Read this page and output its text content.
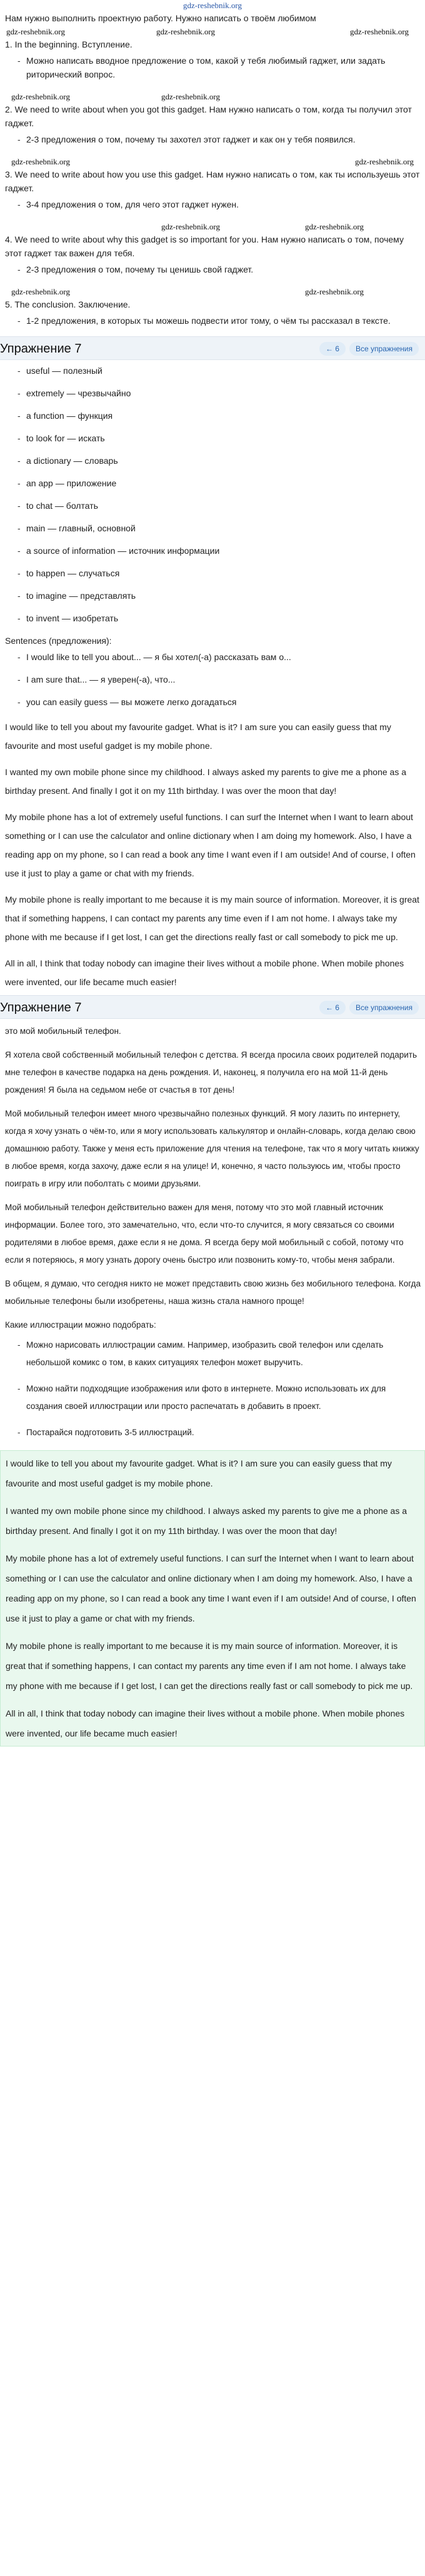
gdz-reshebnik.org

Нам нужно выполнить проектную работу. Нужно написать о твоём любимом

gdz-reshebnik.org	gdz-reshebnik.org	gdz-reshebnik.org
1. In the beginning. Вступление.
- Можно написать вводное предложение о том, какой у тебя любимый гаджет, или задать риторический вопрос.
gdz-reshebnik.org	gdz-reshebnik.org
2. We need to write about when you got this gadget. Нам нужно написать о том, когда ты получил этот гаджет.
- 2-3 предложения о том, почему ты захотел этот гаджет и как он у тебя появился.
gdz-reshebnik.org	gdz-reshebnik.org
3. We need to write about how you use this gadget. Нам нужно написать о том, как ты используешь этот гаджет.
- 3-4 предложения о том, для чего этот гаджет нужен.
gdz-reshebnik.org	gdz-reshebnik.org
4. We need to write about why this gadget is so important for you. Нам нужно написать о том, почему этот гаджет так важен для тебя.
- 2-3 предложения о том, почему ты ценишь свой гаджет.
gdz-reshebnik.org	gdz-reshebnik.org
5. The conclusion. Заключение.
- 1-2 предложения, в которых ты можешь подвести итог тому, о чём ты рассказал в тексте.
Упражнение 7	← 6	Все упражнения
- useful — полезный
- extremely — чрезвычайно
- a function — функция
- to look for — искать
- a dictionary — словарь
- an app — приложение
- to chat — болтать
- main — главный, основной
- a source of information — источник информации
- to happen — случаться
- to imagine — представлять
- to invent — изобретать
Sentences (предложения):
- I would like to tell you about... — я бы хотел(-а) рассказать вам о...
- I am sure that... — я уверен(-а), что...
- you can easily guess — вы можете легко догадаться

I would like to tell you about my favourite gadget. What is it? I am sure you can easily guess that my favourite and most useful gadget is my mobile phone.

I wanted my own mobile phone since my childhood. I always asked my parents to give me a phone as a birthday present. And finally I got it on my 11th birthday. I was over the moon that day!

My mobile phone has a lot of extremely useful functions. I can surf the Internet when I want to learn about something or I can use the calculator and online dictionary when I am doing my homework. Also, I have a reading app on my phone, so I can read a book any time I want even if I am outside! And of course, I often use it just to play a game or chat with my friends.

My mobile phone is really important to me because it is my main source of information. Moreover, it is great that if something happens, I can contact my parents any time even if I am not home. I always take my phone with me because if I get lost, I can get the directions really fast or call somebody to pick me up.

All in all, I think that today nobody can imagine their lives without a mobile phone. When mobile phones were invented, our life became much easier!

Упражнение 7	← 6	Все упражнения

это мой мобильный телефон.

Я хотела свой собственный мобильный телефон с детства. Я всегда просила своих родителей подарить мне телефон в качестве подарка на день рождения. И, наконец, я получила его на мой 11-й день рождения! Я была на седьмом небе от счастья в тот день!

Мой мобильный телефон имеет много чрезвычайно полезных функций. Я могу лазить по интернету, когда я хочу узнать о чём-то, или я могу использовать калькулятор и онлайн-словарь, когда делаю свою домашнюю работу. Также у меня есть приложение для чтения на телефоне, так что я могу читать книжку в любое время, когда захочу, даже если я на улице! И, конечно, я часто пользуюсь им, чтобы просто поиграть в игру или поболтать с моими друзьями.

Мой мобильный телефон действительно важен для меня, потому что это мой главный источник информации. Более того, это замечательно, что, если что-то случится, я могу связаться со своими родителями в любое время, даже если я не дома. Я всегда беру мой мобильный с собой, потому что если я потеряюсь, я могу узнать дорогу очень быстро или позвонить кому-то, чтобы меня забрали.

В общем, я думаю, что сегодня никто не может представить свою жизнь без мобильного телефона. Когда мобильные телефоны были изобретены, наша жизнь стала намного проще!

Какие иллюстрации можно подобрать:
- Можно нарисовать иллюстрации самим. Например, изобразить свой телефон или сделать небольшой комикс о том, в каких ситуациях телефон может выручить.
- Можно найти подходящие изображения или фото в интернете. Можно использовать их для создания своей иллюстрации или просто распечатать в добавить в проект.
- Постарайся подготовить 3-5 иллюстраций.

I would like to tell you about my favourite gadget. What is it? I am sure you can easily guess that my favourite and most useful gadget is my mobile phone.

I wanted my own mobile phone since my childhood. I always asked my parents to give me a phone as a birthday present. And finally I got it on my 11th birthday. I was over the moon that day!

My mobile phone has a lot of extremely useful functions. I can surf the Internet when I want to learn about something or I can use the calculator and online dictionary when I am doing my homework. Also, I have a reading app on my phone, so I can read a book any time I want even if I am outside! And of course, I often use it just to play a game or chat with my friends.

My mobile phone is really important to me because it is my main source of information. Moreover, it is great that if something happens, I can contact my parents any time even if I am not home. I always take my phone with me because if I get lost, I can get the directions really fast or call somebody to pick me up.

All in all, I think that today nobody can imagine their lives without a mobile phone. When mobile phones were invented, our life became much easier!
